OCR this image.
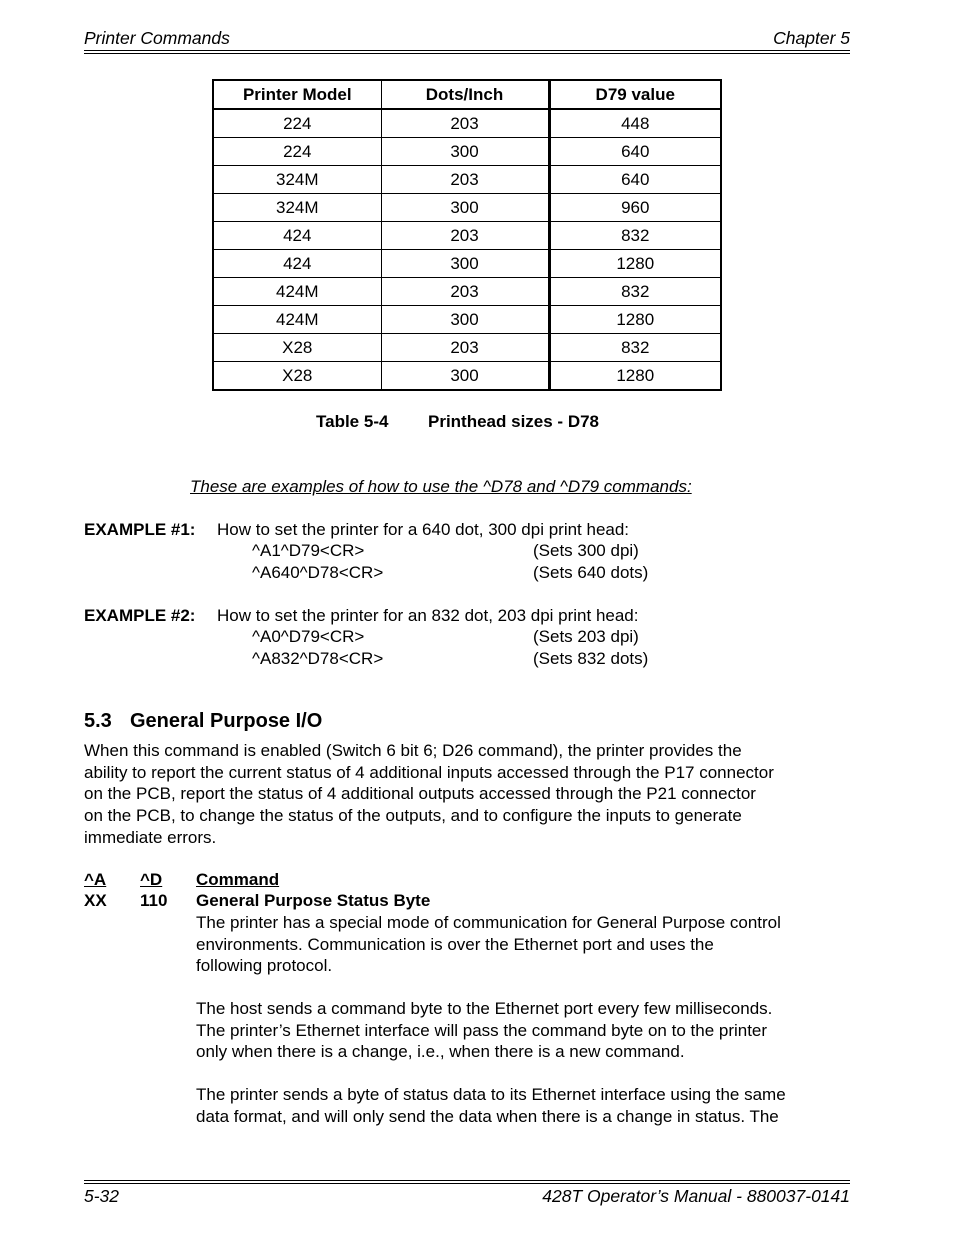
Printer Commands	Chapter 5
Printer Model	Dots/Inch	D79 value
224	203	448
224	300	640
324M	203	640
324M	300	960
424	203	832
424	300	1280
424M	203	832
424M	300	1280
X28	203	832
X28	300	1280
Table 5-4 Printhead sizes - D78
These are examples of how to use the ^D78 and ^D79 commands:
EXAMPLE #1: How to set the printer for a 640 dot, 300 dpi print head:
^A1^D79<CR>	(Sets 300 dpi)
^A640^D78<CR>	(Sets 640 dots)
EXAMPLE #2: How to set the printer for an 832 dot, 203 dpi print head:
^A0^D79<CR>	(Sets 203 dpi)
^A832^D78<CR>	(Sets 832 dots)
5.3 General Purpose I/O
When this command is enabled (Switch 6 bit 6; D26 command), the printer provides the
ability to report the current status of 4 additional inputs accessed through the P17 connector
on the PCB, report the status of 4 additional outputs accessed through the P21 connector
on the PCB, to change the status of the outputs, and to configure the inputs to generate
immediate errors.
^A ^D Command
XX 110 General Purpose Status Byte
The printer has a special mode of communication for General Purpose control
environments. Communication is over the Ethernet port and uses the
following protocol.
The host sends a command byte to the Ethernet port every few milliseconds.
The printer’s Ethernet interface will pass the command byte on to the printer
only when there is a change, i.e., when there is a new command.
The printer sends a byte of status data to its Ethernet interface using the same
data format, and will only send the data when there is a change in status. The
5-32	428T Operator’s Manual - 880037-0141
